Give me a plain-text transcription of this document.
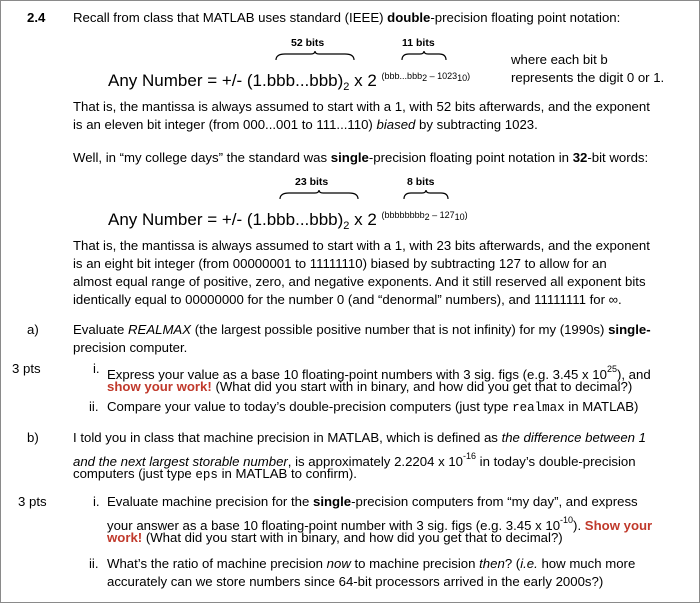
2.4 Recall from class that MATLAB uses standard (IEEE) double-precision floating point notation:
52 bits	11 bits
Any Number = +/- $(1.bbb...bbb)_2$ x 2 $^{(bbb...bbb2 - 102310)}$
where each bit b
represents the digit 0 or 1.
That is, the mantissa is always assumed to start with a 1, with 52 bits afterwards, and the exponent
is an eleven bit integer (from 000...001 to 111...110) biased by subtracting 1023.
Well, in “my college days” the standard was single-precision floating point notation in 32-bit words:
23 bits	8 bits
Any Number = +/- $(1.bbb...bbb)_2$ x 2 $^{(bbbbbbbb2 - 12710)}$
That is, the mantissa is always assumed to start with a 1, with 23 bits afterwards, and the exponent
is an eight bit integer (from 00000001 to 11111110) biased by subtracting 127 to allow for an
almost equal range of positive, zero, and negative exponents. And it still reserved all exponent bits
identically equal to 00000000 for the number 0 (and “denormal” numbers), and 11111111 for ∞.
a)	Evaluate REALMAX (the largest possible positive number that is not infinity) for my (1990s) single-
precision computer.
3 pts	i. Express your value as a base 10 floating-point numbers with 3 sig. figs (e.g. 3.45 x $10^{25}$), and
show your work! (What did you start with in binary, and how did you get that to decimal?)
ii. Compare your value to today’s double-precision computers (just type realmax in MATLAB)
b)	I told you in class that machine precision in MATLAB, which is defined as the difference between 1
and the next largest storable number, is approximately 2.2204 x $10^{-16}$ in today’s double-precision
computers (just type eps in MATLAB to confirm).
3 pts	i. Evaluate machine precision for the single-precision computers from “my day”, and express
your answer as a base 10 floating-point number with 3 sig. figs (e.g. 3.45 x $10^{-10}$). Show your
work! (What did you start with in binary, and how did you get that to decimal?)
ii. What’s the ratio of machine precision now to machine precision then? (i.e. how much more
accurately can we store numbers since 64-bit processors arrived in the early 2000s?)
